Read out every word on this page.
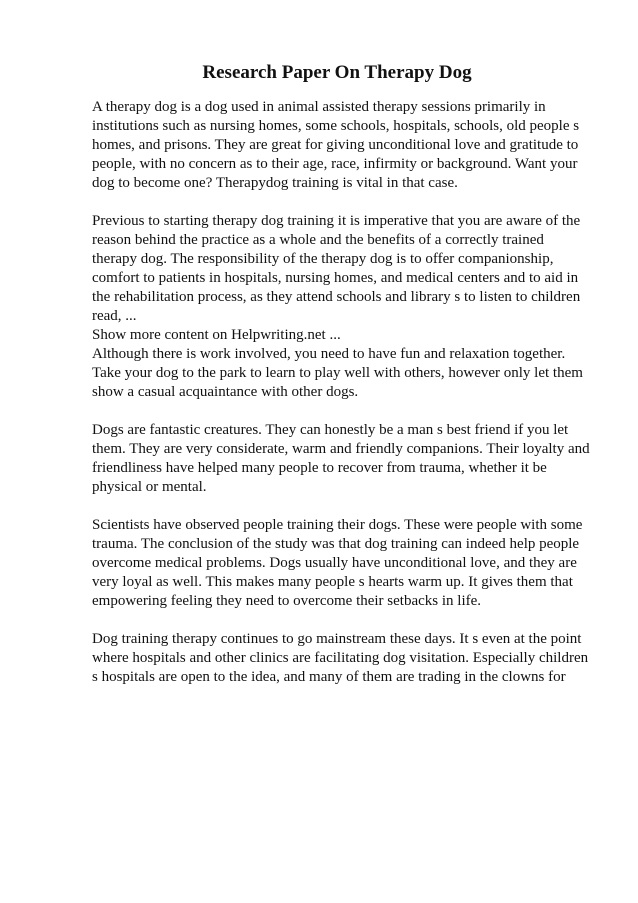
Research Paper On Therapy Dog

A therapy dog is a dog used in animal assisted therapy sessions primarily in institutions such as nursing homes, some schools, hospitals, schools, old people s homes, and prisons. They are great for giving unconditional love and gratitude to people, with no concern as to their age, race, infirmity or background. Want your dog to become one? Therapydog training is vital in that case.

Previous to starting therapy dog training it is imperative that you are aware of the reason behind the practice as a whole and the benefits of a correctly trained therapy dog. The responsibility of the therapy dog is to offer companionship, comfort to patients in hospitals, nursing homes, and medical centers and to aid in the rehabilitation process, as they attend schools and library s to listen to children read, ...

Show more content on Helpwriting.net ...

Although there is work involved, you need to have fun and relaxation together. Take your dog to the park to learn to play well with others, however only let them show a casual acquaintance with other dogs.

Dogs are fantastic creatures. They can honestly be a man s best friend if you let them. They are very considerate, warm and friendly companions. Their loyalty and friendliness have helped many people to recover from trauma, whether it be physical or mental.

Scientists have observed people training their dogs. These were people with some trauma. The conclusion of the study was that dog training can indeed help people overcome medical problems. Dogs usually have unconditional love, and they are very loyal as well. This makes many people s hearts warm up. It gives them that empowering feeling they need to overcome their setbacks in life.

Dog training therapy continues to go mainstream these days. It s even at the point where hospitals and other clinics are facilitating dog visitation. Especially children s hospitals are open to the idea, and many of them are trading in the clowns for
